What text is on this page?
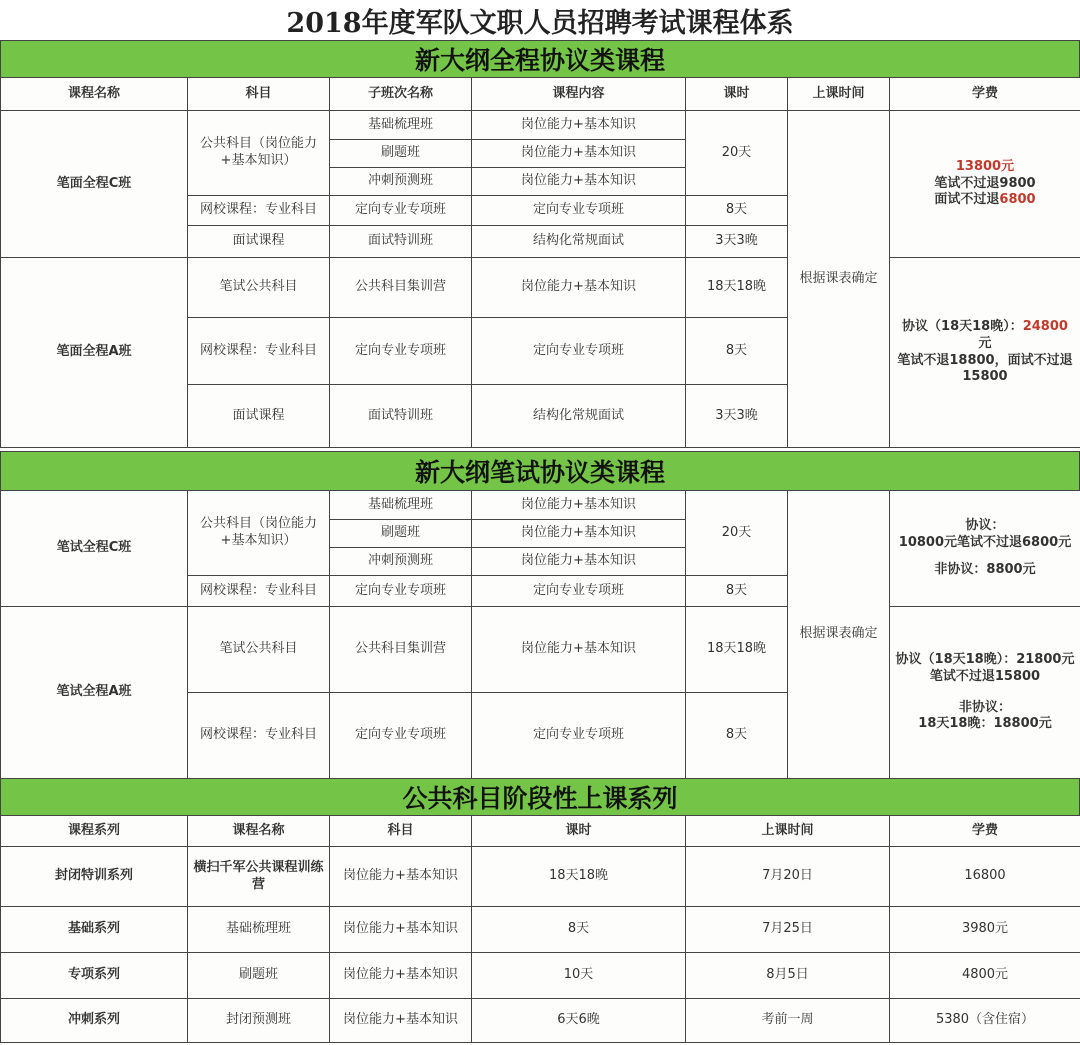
2018年度军队文职人员招聘考试课程体系
新大纲全程协议类课程
课程名称	科目	子班次名称	课程内容	课时	上课时间	学费
笔面全程C班	公共科目（岗位能力+基本知识）	基础梳理班	岗位能力+基本知识	20天	根据课表确定	13800元
笔试不过退9800
面试不过退6800

		刷题班	岗位能力+基本知识			
		冲刺预测班	岗位能力+基本知识			
	网校课程：专业科目	定向专业专项班	定向专业专项班	8天		
	面试课程	面试特训班	结构化常规面试	3天3晚		
笔面全程A班	笔试公共科目	公共科目集训营	岗位能力+基本知识	18天18晚		协议（18天18晚）：24800
元
笔试不退18800，面试不过退15800

	网校课程：专业科目	定向专业专项班	定向专业专项班	8天		
	面试课程	面试特训班	结构化常规面试	3天3晚		
新大纲笔试协议类课程
笔试全程C班	公共科目（岗位能力+基本知识）	基础梳理班	岗位能力+基本知识	20天	根据课表确定	协议：
10800元笔试不过退6800元
非协议：8800元

		刷题班	岗位能力+基本知识			
		冲刺预测班	岗位能力+基本知识			
	网校课程：专业科目	定向专业专项班	定向专业专项班	8天		
笔试全程A班	笔试公共科目	公共科目集训营	岗位能力+基本知识	18天18晚		协议（18天18晚）：21800元
笔试不过退15800
非协议：
18天18晚：18800元

	网校课程：专业科目	定向专业专项班	定向专业专项班	8天		
公共科目阶段性上课系列
课程系列	课程名称	科目	课时	上课时间	学费
封闭特训系列	横扫千军公共课程训练营	岗位能力+基本知识	18天18晚	7月20日	16800
基础系列	基础梳理班	岗位能力+基本知识	8天	7月25日	3980元
专项系列	刷题班	岗位能力+基本知识	10天	8月5日	4800元
冲刺系列	封闭预测班	岗位能力+基本知识	6天6晚	考前一周	5380（含住宿）
